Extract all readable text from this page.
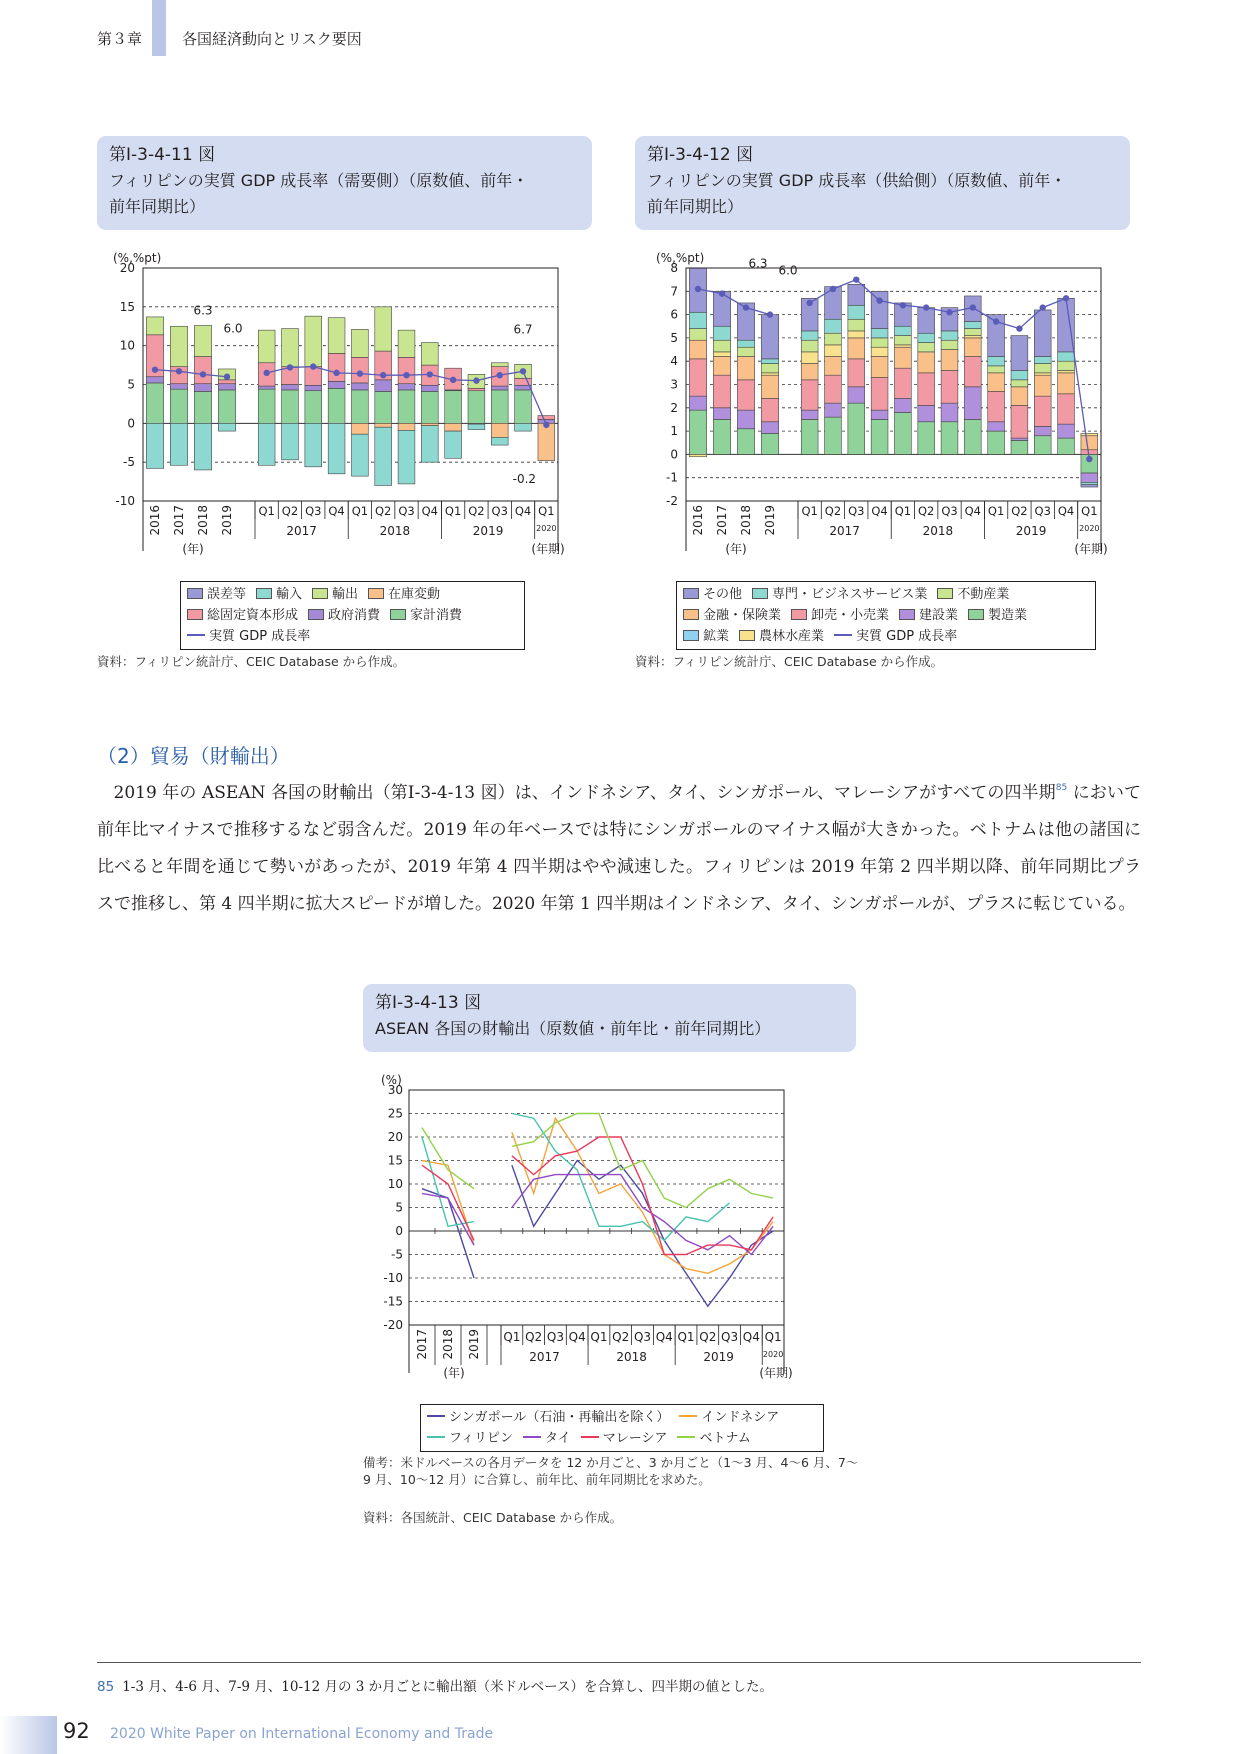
第３章	各国経済動向とリスク要因
第Ⅰ-3-4-11 図
フィリピンの実質 GDP 成長率（需要側）（原数値、前年・
前年同期比）
20
15
10
5
0
-5
-10
(%,%pt)
6.3
6.0	6.7
-0.2
2016 2017 2018 2019 Q1 Q2 Q3 Q4 Q1 Q2 Q3 Q4 Q1 Q2 Q3 Q4 Q1
2017	2018	2019	2020
(年)	(年期)
誤差等 輸入 輸出 在庫変動
総固定資本形成 政府消費 家計消費
実質 GDP 成長率
資料：フィリピン統計庁、CEIC Database から作成。
第Ⅰ-3-4-12 図
フィリピンの実質 GDP 成長率（供給側）（原数値、前年・
前年同期比）
8
7
6
5
4
3
2
1
0
-1
-2
(%,%pt)	6.3 6.0
2016 2017 2018 2019 Q1 Q2 Q3 Q4 Q1 Q2 Q3 Q4 Q1 Q2 Q3 Q4 Q1
2017	2018	2019	2020
(年)	(年期)
その他 専門・ビジネスサービス業 不動産業
金融・保険業 卸売・小売業 建設業 製造業
鉱業 農林水産業 実質 GDP 成長率
資料：フィリピン統計庁、CEIC Database から作成。
（2）貿易（財輸出）
2019 年の ASEAN 各国の財輸出（第Ⅰ-3-4-13 図）は、インドネシア、タイ、シンガポール、マレーシアがすべての四半期$^{85}$ において前年比マイナスで推移するなど弱含んだ。2019 年の年ベースでは特にシンガポールのマイナス幅が大きかった。ベトナムは他の諸国に比べると年間を通じて勢いがあったが、2019 年第 4 四半期はやや減速した。フィリピンは 2019 年第 2 四半期以降、前年同期比プラスで推移し、第 4 四半期に拡大スピードが増した。2020 年第 1 四半期はインドネシア、タイ、シンガポールが、プラスに転じている。
第Ⅰ-3-4-13 図
ASEAN 各国の財輸出（原数値・前年比・前年同期比）
30
25
20
15
10
5
0
-5
-10
-15
-20
(%)
2017 2018 2019 Q1 Q2 Q3 Q4 Q1 Q2 Q3 Q4 Q1 Q2 Q3 Q4 Q1
2017	2018	2019	2020
(年)	(年期)
シンガポール（石油・再輸出を除く） インドネシア
フィリピン タイ マレーシア ベトナム
備考：米ドルベースの各月データを 12 か月ごと、3 か月ごと（1〜3 月、4〜6 月、7〜9 月、10〜12 月）に合算し、前年比、前年同期比を求めた。
資料：各国統計、CEIC Database から作成。
85 1-3 月、4-6 月、7-9 月、10-12 月の 3 か月ごとに輸出額（米ドルベース）を合算し、四半期の値とした。
92 2020 White Paper on International Economy and Trade
